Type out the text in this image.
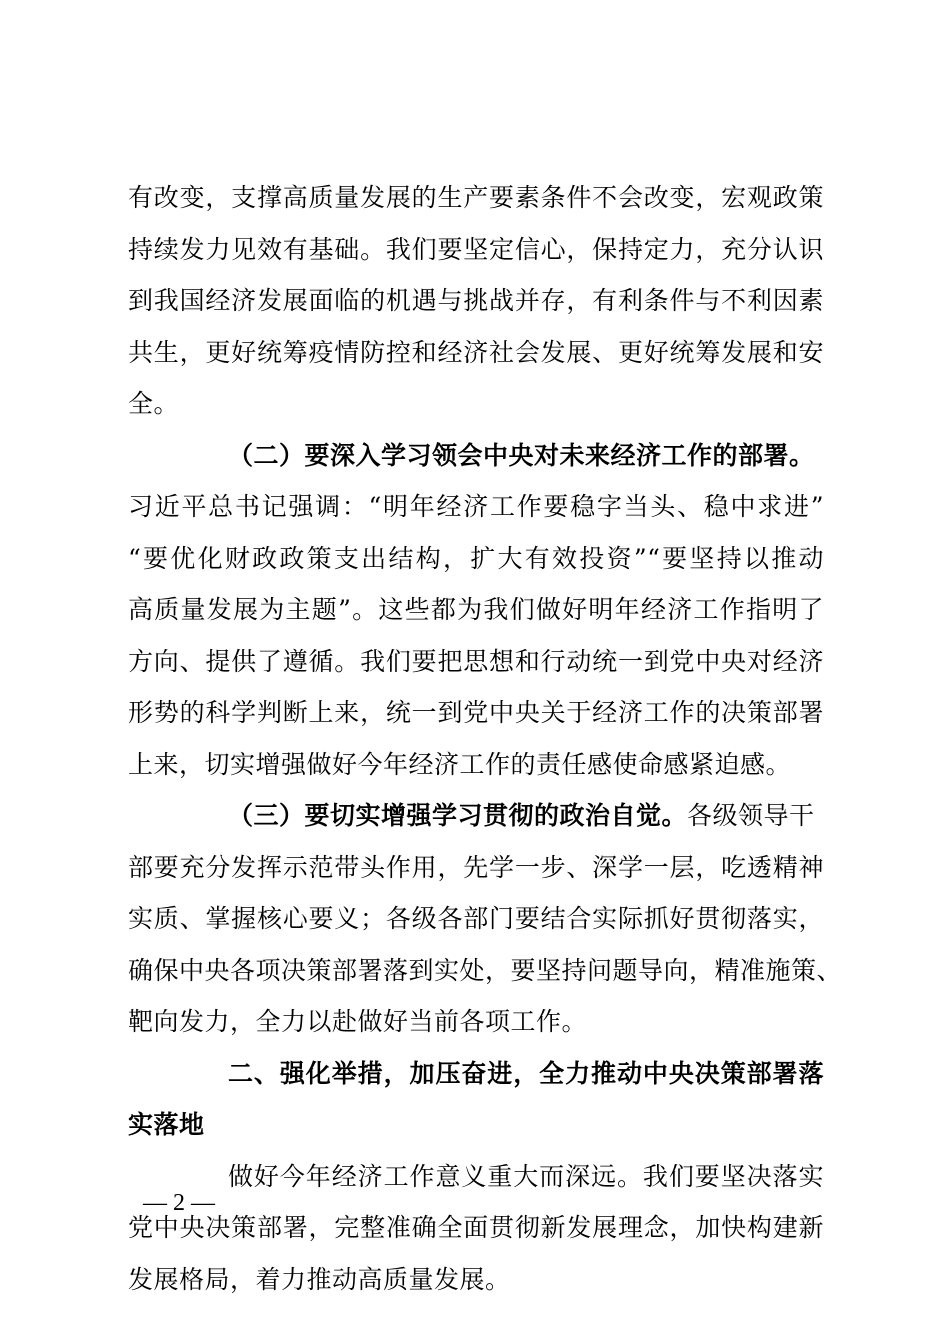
有改变，支撑高质量发展的生产要素条件不会改变，宏观政策
持续发力见效有基础。我们要坚定信心，保持定力，充分认识
到我国经济发展面临的机遇与挑战并存，有利条件与不利因素
共生，更好统筹疫情防控和经济社会发展、更好统筹发展和安
全。
（二）要深入学习领会中央对未来经济工作的部署。
习近平总书记强调：“明年经济工作要稳字当头、稳中求进”
“要优化财政政策支出结构，扩大有效投资”“要坚持以推动
高质量发展为主题”。这些都为我们做好明年经济工作指明了
方向、提供了遵循。我们要把思想和行动统一到党中央对经济
形势的科学判断上来，统一到党中央关于经济工作的决策部署
上来，切实增强做好今年经济工作的责任感使命感紧迫感。
（三）要切实增强学习贯彻的政治自觉。各级领导干
部要充分发挥示范带头作用，先学一步、深学一层，吃透精神
实质、掌握核心要义；各级各部门要结合实际抓好贯彻落实，
确保中央各项决策部署落到实处，要坚持问题导向，精准施策、
靶向发力，全力以赴做好当前各项工作。
二、强化举措，加压奋进，全力推动中央决策部署落
实落地
做好今年经济工作意义重大而深远。我们要坚决落实
党中央决策部署，完整准确全面贯彻新发展理念，加快构建新
发展格局，着力推动高质量发展。
— 2 —
